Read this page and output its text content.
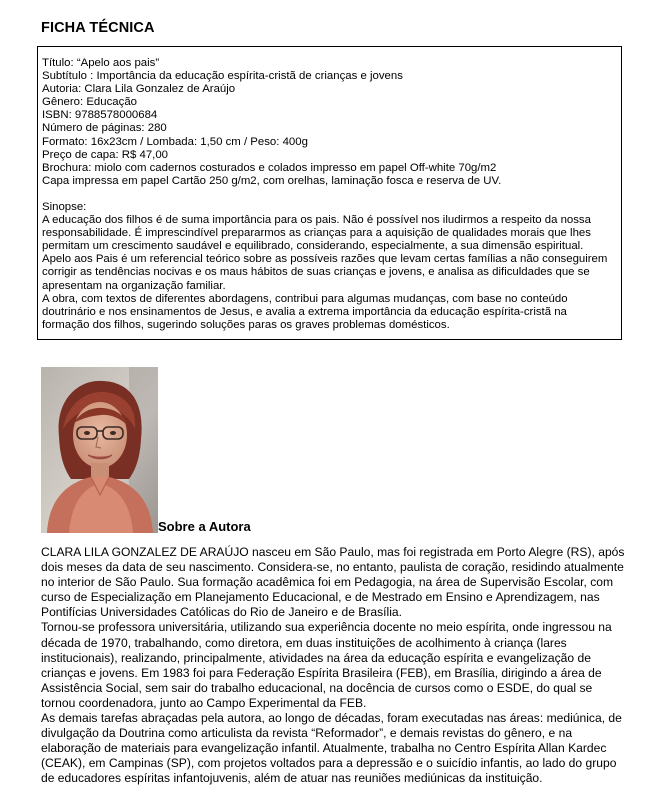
FICHA TÉCNICA
Título: “Apelo aos pais”
Subtítulo : Importância da educação espírita-cristã de crianças e jovens
Autoria: Clara Lila Gonzalez de Araújo
Gênero: Educação
ISBN: 9788578000684
Número de páginas: 280
Formato: 16x23cm / Lombada: 1,50 cm / Peso: 400g
Preço de capa: R$ 47,00
Brochura: miolo com cadernos costurados e colados impresso em papel Off-white 70g/m2
Capa impressa em papel Cartão 250 g/m2, com orelhas, laminação fosca e reserva de UV.
Sinopse:
A educação dos filhos é de suma importância para os pais. Não é possível nos iludirmos a respeito da nossa responsabilidade. É imprescindível prepararmos as crianças para a aquisição de qualidades morais que lhes permitam um crescimento saudável e equilibrado, considerando, especialmente, a sua dimensão espiritual.
Apelo aos Pais é um referencial teórico sobre as possíveis razões que levam certas famílias a não conseguirem corrigir as tendências nocivas e os maus hábitos de suas crianças e jovens, e analisa as dificuldades que se apresentam na organização familiar.
A obra, com textos de diferentes abordagens, contribui para algumas mudanças, com base no conteúdo doutrinário e nos ensinamentos de Jesus, e avalia a extrema importância da educação espírita-cristã na formação dos filhos, sugerindo soluções paras os graves problemas domésticos.
Sobre a Autora
CLARA LILA GONZALEZ DE ARAÚJO nasceu em São Paulo, mas foi registrada em Porto Alegre (RS), após dois meses da data de seu nascimento. Considera-se, no entanto, paulista de coração, residindo atualmente no interior de São Paulo. Sua formação acadêmica foi em Pedagogia, na área de Supervisão Escolar, com curso de Especialização em Planejamento Educacional, e de Mestrado em Ensino e Aprendizagem, nas Pontifícias Universidades Católicas do Rio de Janeiro e de Brasília.
Tornou-se professora universitária, utilizando sua experiência docente no meio espírita, onde ingressou na década de 1970, trabalhando, como diretora, em duas instituições de acolhimento à criança (lares institucionais), realizando, principalmente, atividades na área da educação espírita e evangelização de crianças e jovens. Em 1983 foi para Federação Espírita Brasileira (FEB), em Brasília, dirigindo a área de Assistência Social, sem sair do trabalho educacional, na docência de cursos como o ESDE, do qual se tornou coordenadora, junto ao Campo Experimental da FEB.
As demais tarefas abraçadas pela autora, ao longo de décadas, foram executadas nas áreas: mediúnica, de divulgação da Doutrina como articulista da revista “Reformador”, e demais revistas do gênero, e na elaboração de materiais para evangelização infantil. Atualmente, trabalha no Centro Espírita Allan Kardec (CEAK), em Campinas (SP), com projetos voltados para a depressão e o suicídio infantis, ao lado do grupo de educadores espíritas infantojuvenis, além de atuar nas reuniões mediúnicas da instituição.
